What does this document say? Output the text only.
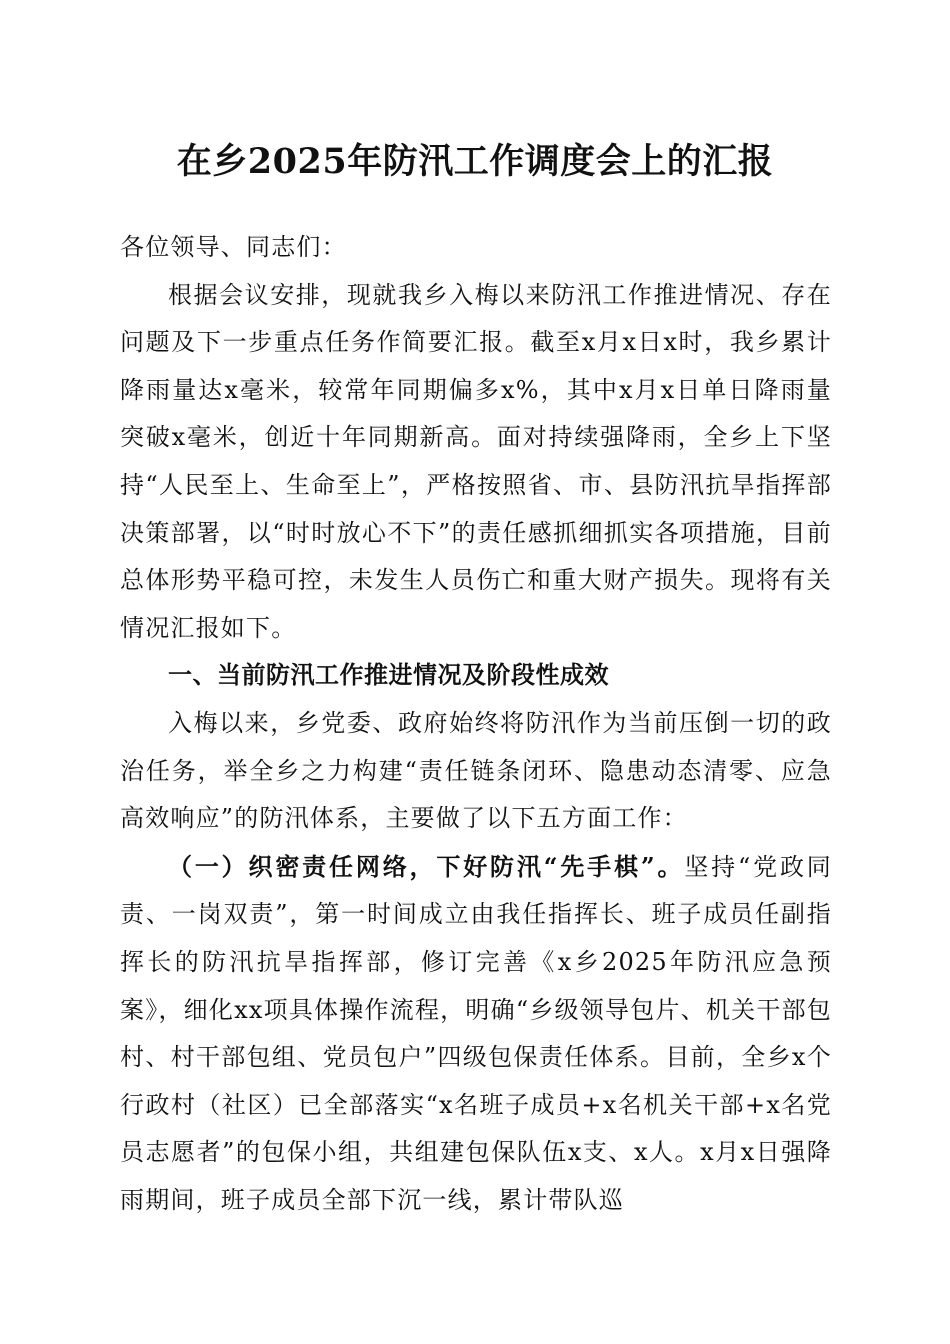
在乡2025年防汛工作调度会上的汇报

各位领导、同志们：

根据会议安排，现就我乡入梅以来防汛工作推进情况、存在问题及下一步重点任务作简要汇报。截至x月x日x时，我乡累计降雨量达x毫米，较常年同期偏多x%，其中x月x日单日降雨量突破x毫米，创近十年同期新高。面对持续强降雨，全乡上下坚持“人民至上、生命至上”，严格按照省、市、县防汛抗旱指挥部决策部署，以“时时放心不下”的责任感抓细抓实各项措施，目前总体形势平稳可控，未发生人员伤亡和重大财产损失。现将有关情况汇报如下。

一、当前防汛工作推进情况及阶段性成效

入梅以来，乡党委、政府始终将防汛作为当前压倒一切的政治任务，举全乡之力构建“责任链条闭环、隐患动态清零、应急高效响应”的防汛体系，主要做了以下五方面工作：

（一）织密责任网络，下好防汛“先手棋”。坚持“党政同责、一岗双责”，第一时间成立由我任指挥长、班子成员任副指挥长的防汛抗旱指挥部，修订完善《x乡2025年防汛应急预案》，细化xx项具体操作流程，明确“乡级领导包片、机关干部包村、村干部包组、党员包户”四级包保责任体系。目前，全乡x个行政村（社区）已全部落实“x名班子成员+x名机关干部+x名党员志愿者”的包保小组，共组建包保队伍x支、x人。x月x日强降雨期间，班子成员全部下沉一线，累计带队巡
